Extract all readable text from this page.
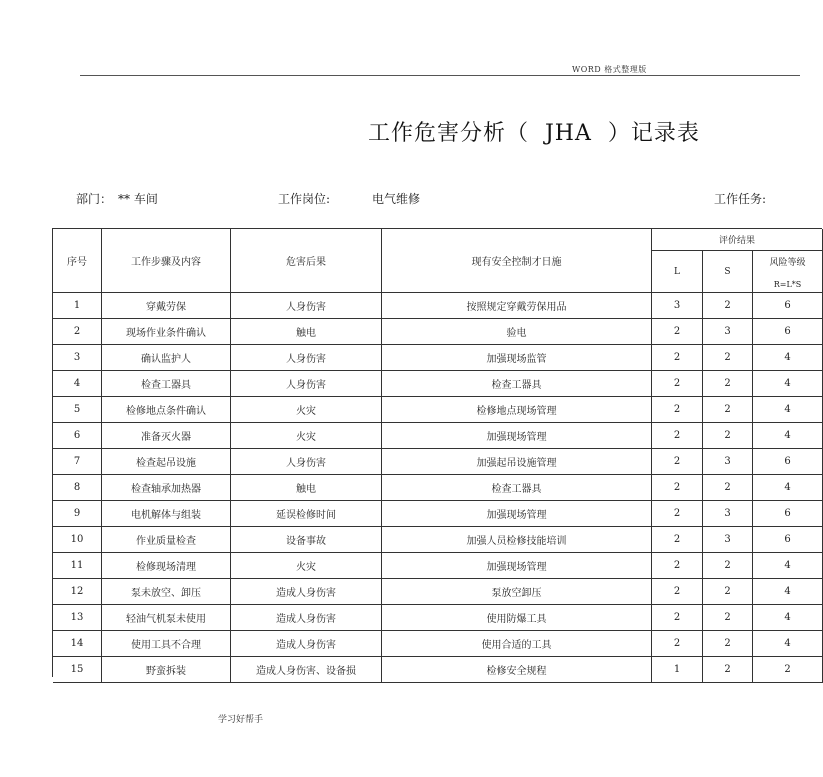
WORD 格式整理版
工作危害分析（  JHA  ）记录表
部门： ** 车间	工作岗位:	电气维修	工作任务:
序号	工作步骤及内容	危害后果	现有安全控制才日施
评价结果
L	S
风险等级
R=L*S
1	穿戴劳保	人身伤害	按照规定穿戴劳保用品	3	2	6
2	现场作业条件确认	触电	验电	2	3	6
3	确认监护人	人身伤害	加强现场监管	2	2	4
4	检查工器具	人身伤害	检查工器具	2	2	4
5	检修地点条件确认	火灾	检修地点现场管理	2	2	4
6	准备灭火器	火灾	加强现场管理	2	2	4
7	检查起吊设施	人身伤害	加强起吊设施管理	2	3	6
8	检查轴承加热器	触电	检查工器具	2	2	4
9	电机解体与组装	延误检修时间	加强现场管理	2	3	6
10	作业质量检查	设备事故	加强人员检修技能培训	2	3	6
11	检修现场清理	火灾	加强现场管理	2	2	4
12	泵未放空、卸压	造成人身伤害	泵放空卸压	2	2	4
13	轻油气机泵未使用	造成人身伤害	使用防爆工具	2	2	4
14	使用工具不合理	造成人身伤害	使用合适的工具	2	2	4
15	野蛮拆装	造成人身伤害、设备损	检修安全规程	1	2	2
学习好帮手
